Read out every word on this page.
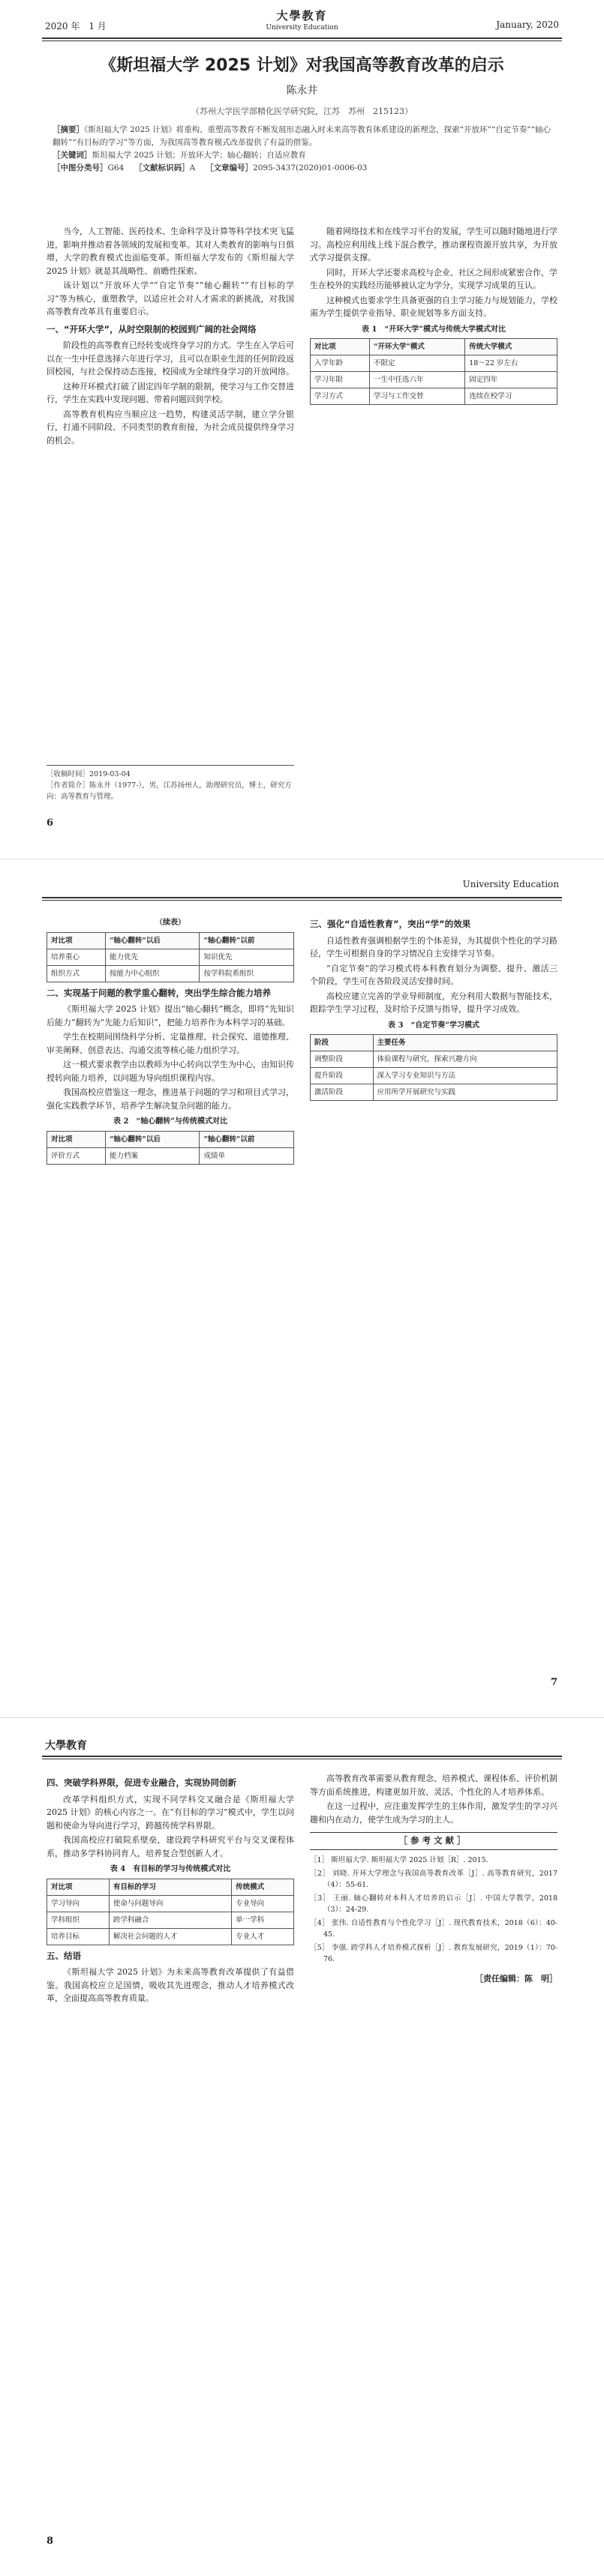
2020 年　1 月
大學教育
University Education	January, 2020
《斯坦福大学 2025 计划》对我国高等教育改革的启示
陈永井
（苏州大学医学部精化医学研究院，江苏　苏州　215123）

［摘要］《斯坦福大学 2025 计划》将重构、重塑高等教育不断发展形态融入时未来高等教育体系建设的新理念，探索“开放环”“自定节奏”“轴心翻转”“有目标的学习”等方面，为我国高等教育模式改革提供了有益的借鉴。

［关键词］斯坦福大学 2025 计划；开放环大学；轴心翻转；自适应教育

［中图分类号］G64　 ［文献标识码］A　 ［文章编号］2095-3437(2020)01-0006-03

当今，人工智能、医药技术、生命科学及计算等科学技术突飞猛进，影响并推动着各领域的发展和变革。其对人类教育的影响与日俱增，大学的教育模式也面临变革。斯坦福大学发布的《斯坦福大学 2025 计划》就是其战略性、前瞻性探索。

该计划以“开放环大学”“自定节奏”“轴心翻转”“有目标的学习”等为核心，重塑教学，以适应社会对人才需求的新挑战，对我国高等教育改革具有重要启示。

一、“开环大学”，从时空限制的校园到广阔的社会网络

阶段性的高等教育已经转变成终身学习的方式。学生在入学后可以在一生中任意选择六年进行学习，且可以在职业生涯的任何阶段返回校园，与社会保持动态连接，校园成为全球终身学习的开放网络。

这种开环模式打破了固定四年学制的限制，使学习与工作交替进行，学生在实践中发现问题、带着问题回到学校。

高等教育机构应当顺应这一趋势，构建灵活学制，建立学分银行，打通不同阶段、不同类型的教育衔接，为社会成员提供终身学习的机会。

随着网络技术和在线学习平台的发展，学生可以随时随地进行学习。高校应利用线上线下混合教学，推动课程资源开放共享，为开放式学习提供支撑。

同时，开环大学还要求高校与企业、社区之间形成紧密合作，学生在校外的实践经历能够被认定为学分，实现学习成果的互认。

这种模式也要求学生具备更强的自主学习能力与规划能力，学校需为学生提供学业指导、职业规划等多方面支持。

表 1　“开环大学”模式与传统大学模式对比
对比项	“开环大学”模式	传统大学模式
入学年龄	不限定	18～22 岁左右
学习年限	一生中任选六年	固定四年
学习方式	学习与工作交替	连续在校学习
［收稿时间］2019-03-04
［作者简介］陈永井（1977-），男，江苏扬州人，助理研究员，博士，研究方向：高等教育与管理。
6
University Education
（续表）
对比项	“轴心翻转”以后	“轴心翻转”以前
培养重心	能力优先	知识优先
组织方式	按能力中心组织	按学科院系组织
二、实现基于问题的教学重心翻转，突出学生综合能力培养

《斯坦福大学 2025 计划》提出“轴心翻转”概念，即将“先知识后能力”翻转为“先能力后知识”，把能力培养作为本科学习的基础。

学生在校期间围绕科学分析、定量推理、社会探究、道德推理、审美阐释、创意表达、沟通交流等核心能力组织学习。

这一模式要求教学由以教师为中心转向以学生为中心，由知识传授转向能力培养，以问题为导向组织课程内容。

我国高校应借鉴这一理念，推进基于问题的学习和项目式学习，强化实践教学环节，培养学生解决复杂问题的能力。

表 2　“轴心翻转”与传统模式对比
对比项	“轴心翻转”以后	“轴心翻转”以前
评价方式	能力档案	成绩单
三、强化“自适性教育”，突出“学”的效果

自适性教育强调根据学生的个体差异，为其提供个性化的学习路径，学生可根据自身的学习情况自主安排学习节奏。

“自定节奏”的学习模式将本科教育划分为调整、提升、激活三个阶段，学生可在各阶段灵活安排时间。

高校应建立完善的学业导师制度，充分利用大数据与智能技术，跟踪学生学习过程，及时给予反馈与指导，提升学习成效。

表 3　“自定节奏”学习模式
阶段	主要任务
调整阶段	体验课程与研究，探索兴趣方向
提升阶段	深入学习专业知识与方法
激活阶段	应用所学开展研究与实践
7
大學教育
四、突破学科界限，促进专业融合，实现协同创新

改革学科组织方式，实现不同学科交叉融合是《斯坦福大学 2025 计划》的核心内容之一。在“有目标的学习”模式中，学生以问题和使命为导向进行学习，跨越传统学科界限。

我国高校应打破院系壁垒，建设跨学科研究平台与交叉课程体系，推动多学科协同育人，培养复合型创新人才。

表 4　有目标的学习与传统模式对比
对比项	有目标的学习	传统模式
学习导向	使命与问题导向	专业导向
学科组织	跨学科融合	单一学科
培养目标	解决社会问题的人才	专业人才
五、结语

《斯坦福大学 2025 计划》为未来高等教育改革提供了有益借鉴。我国高校应立足国情，吸收其先进理念，推动人才培养模式改革，全面提高高等教育质量。

高等教育改革需要从教育理念、培养模式、课程体系、评价机制等方面系统推进，构建更加开放、灵活、个性化的人才培养体系。

在这一过程中，应注重发挥学生的主体作用，激发学生的学习兴趣和内在动力，使学生成为学习的主人。

［参考文献］
［1］ 斯坦福大学. 斯坦福大学 2025 计划［R］. 2015.
［2］ 刘晓. 开环大学理念与我国高等教育改革［J］. 高等教育研究，2017（4）：55-61.
［3］ 王丽. 轴心翻转对本科人才培养的启示［J］. 中国大学教学，2018（3）：24-29.
［4］ 张伟. 自适性教育与个性化学习［J］. 现代教育技术，2018（6）：40-45.
［5］ 李强. 跨学科人才培养模式探析［J］. 教育发展研究，2019（1）：70-76.
［责任编辑：陈　明］
8
